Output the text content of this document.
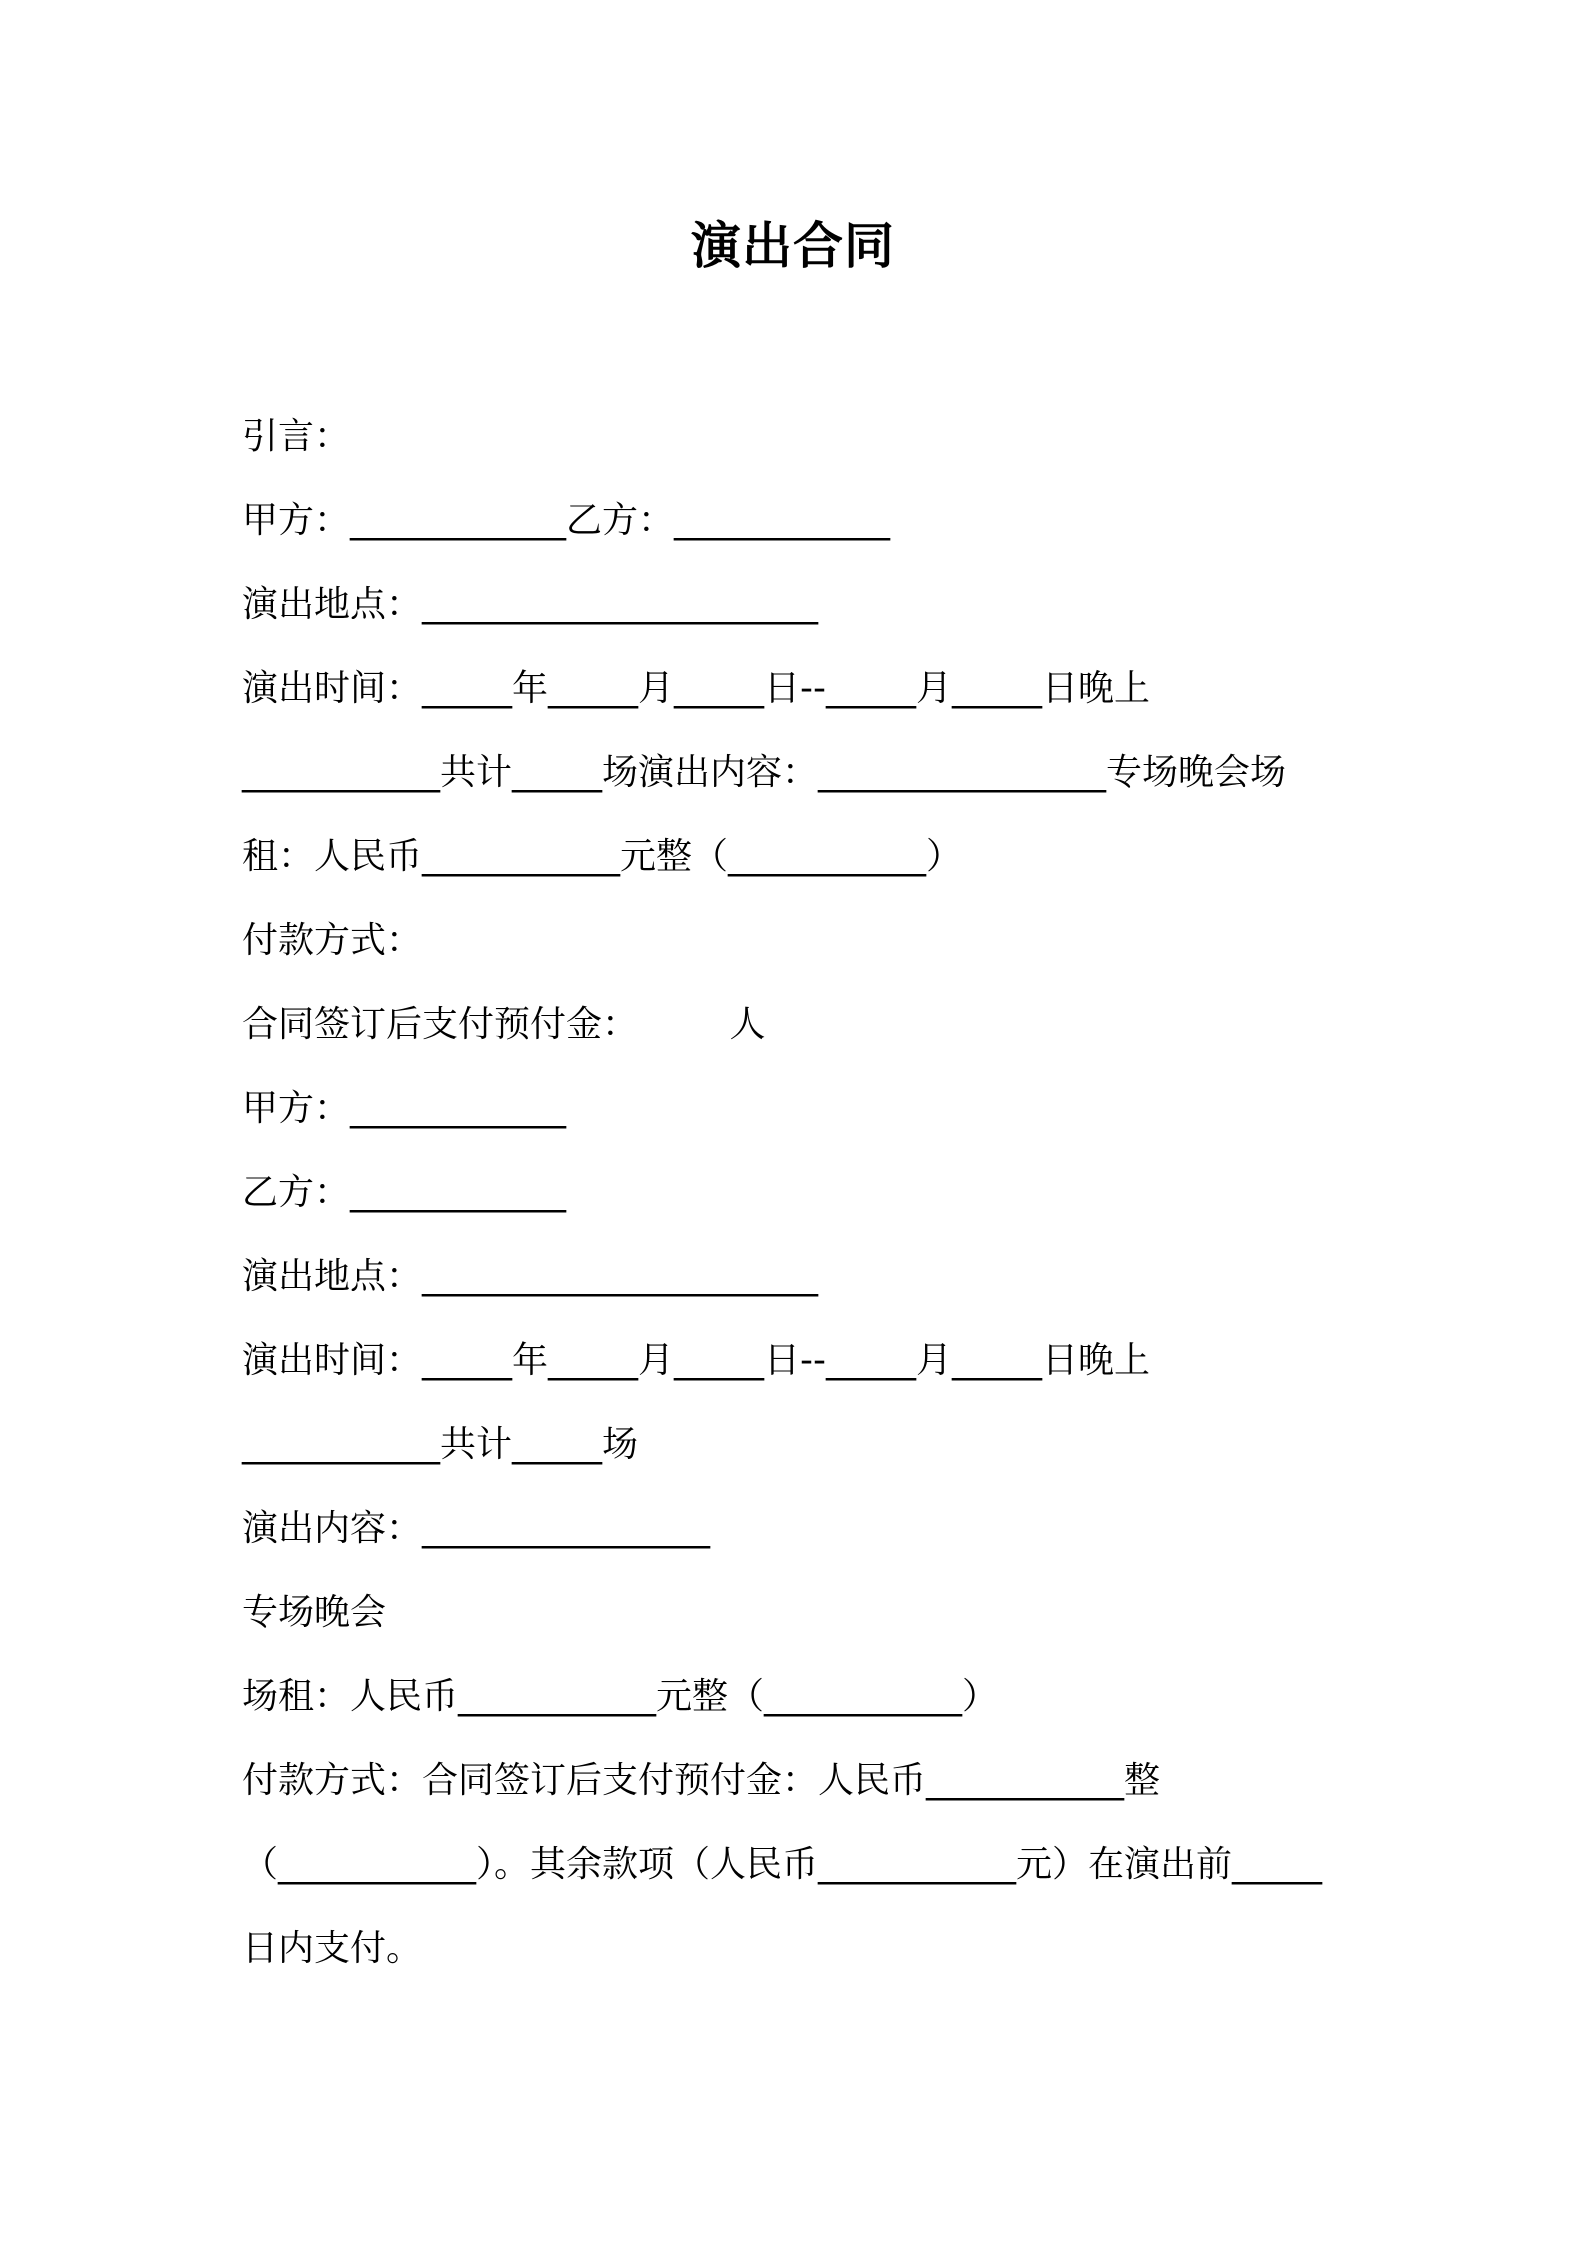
演出合同
引言：
甲方：____________乙方：____________
演出地点：______________________
演出时间：_____年_____月_____日--_____月_____日晚上
___________共计_____场演出内容：________________专场晚会场
租：人民币___________元整（___________）
付款方式：
合同签订后支付预付金：        人
甲方：____________
乙方：____________
演出地点：______________________
演出时间：_____年_____月_____日--_____月_____日晚上
___________共计_____场
演出内容：________________
专场晚会
场租：人民币___________元整（___________）
付款方式：合同签订后支付预付金：人民币___________整
（___________）。其余款项（人民币___________元）在演出前_____
日内支付。
